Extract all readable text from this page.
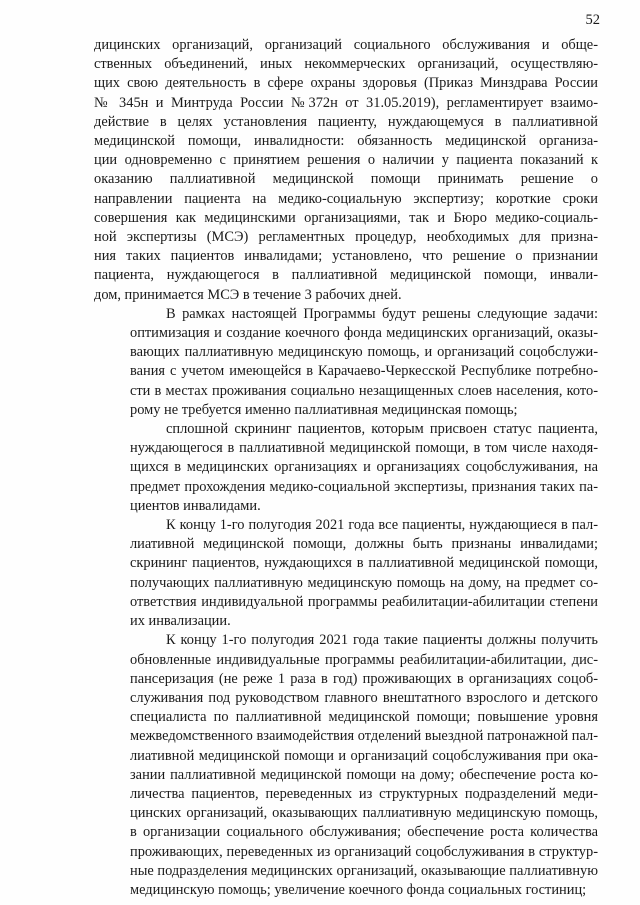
52
дицинских организаций, организаций социального обслуживания и обще-
ственных объединений, иных некоммерческих организаций, осуществляю-
щих свою деятельность в сфере охраны здоровья (Приказ Минздрава России
№ 345н и Минтруда России №372н от 31.05.2019), регламентирует взаимо-
действие в целях установления пациенту, нуждающемуся в паллиативной
медицинской помощи, инвалидности: обязанность медицинской организа-
ции одновременно с принятием решения о наличии у пациента показаний к
оказанию паллиативной медицинской помощи принимать решение о
направлении пациента на медико-социальную экспертизу; короткие сроки
совершения как медицинскими организациями, так и Бюро медико-социаль-
ной экспертизы (МСЭ) регламентных процедур, необходимых для призна-
ния таких пациентов инвалидами; установлено, что решение о признании
пациента, нуждающегося в паллиативной медицинской помощи, инвали-
дом, принимается МСЭ в течение 3 рабочих дней.
В рамках настоящей Программы будут решены следующие задачи:
оптимизация и создание коечного фонда медицинских организаций, оказы-
вающих паллиативную медицинскую помощь, и организаций соцобслужи-
вания с учетом имеющейся в Карачаево-Черкесской Республике потребно-
сти в местах проживания социально незащищенных слоев населения, кото-
рому не требуется именно паллиативная медицинская помощь;
сплошной скрининг пациентов, которым присвоен статус пациента,
нуждающегося в паллиативной медицинской помощи, в том числе находя-
щихся в медицинских организациях и организациях соцобслуживания, на
предмет прохождения медико-социальной экспертизы, признания таких па-
циентов инвалидами.
К концу 1-го полугодия 2021 года все пациенты, нуждающиеся в пал-
лиативной медицинской помощи, должны быть признаны инвалидами;
скрининг пациентов, нуждающихся в паллиативной медицинской помощи,
получающих паллиативную медицинскую помощь на дому, на предмет со-
ответствия индивидуальной программы реабилитации-абилитации степени
их инвализации.
К концу 1-го полугодия 2021 года такие пациенты должны получить
обновленные индивидуальные программы реабилитации-абилитации, дис-
пансеризация (не реже 1 раза в год) проживающих в организациях соцоб-
служивания под руководством главного внештатного взрослого и детского
специалиста по паллиативной медицинской помощи; повышение уровня
межведомственного взаимодействия отделений выездной патронажной пал-
лиативной медицинской помощи и организаций соцобслуживания при ока-
зании паллиативной медицинской помощи на дому; обеспечение роста ко-
личества пациентов, переведенных из структурных подразделений меди-
цинских организаций, оказывающих паллиативную медицинскую помощь,
в организации социального обслуживания; обеспечение роста количества
проживающих, переведенных из организаций соцобслуживания в структур-
ные подразделения медицинских организаций, оказывающие паллиативную
медицинскую помощь; увеличение коечного фонда социальных гостиниц;
